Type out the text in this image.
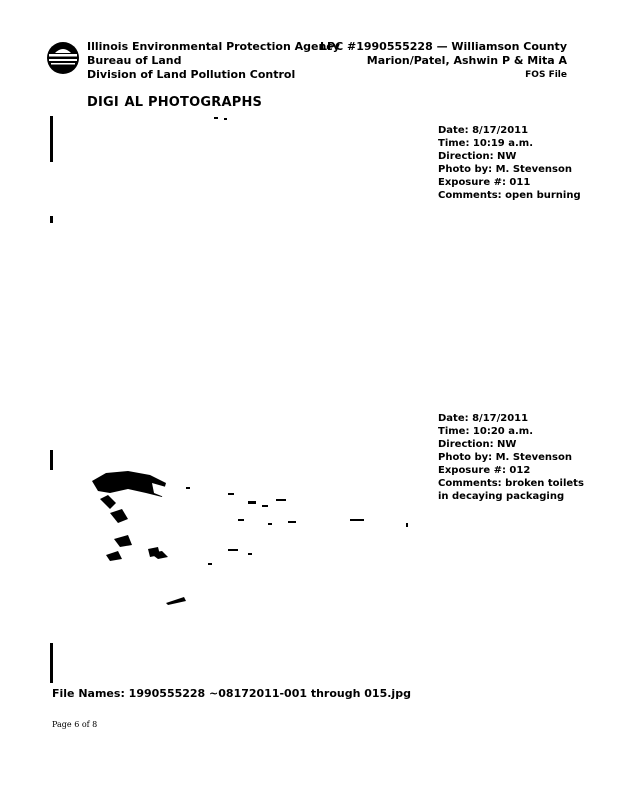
Illinois Environmental Protection Agency
Bureau of Land
Division of Land Pollution Control
LPC #1990555228 — Williamson County
Marion/Patel, Ashwin P & Mita A
FOS File
DIGI  AL PHOTOGRAPHS
Date: 8/17/2011
Time: 10:19 a.m.
Direction: NW
Photo by: M. Stevenson
Exposure #: 011
Comments: open burning
Date: 8/17/2011
Time: 10:20 a.m.
Direction: NW
Photo by: M. Stevenson
Exposure #: 012
Comments: broken toilets
in decaying packaging
File Names: 1990555228 ~08172011-001 through 015.jpg
Page 6 of 8
